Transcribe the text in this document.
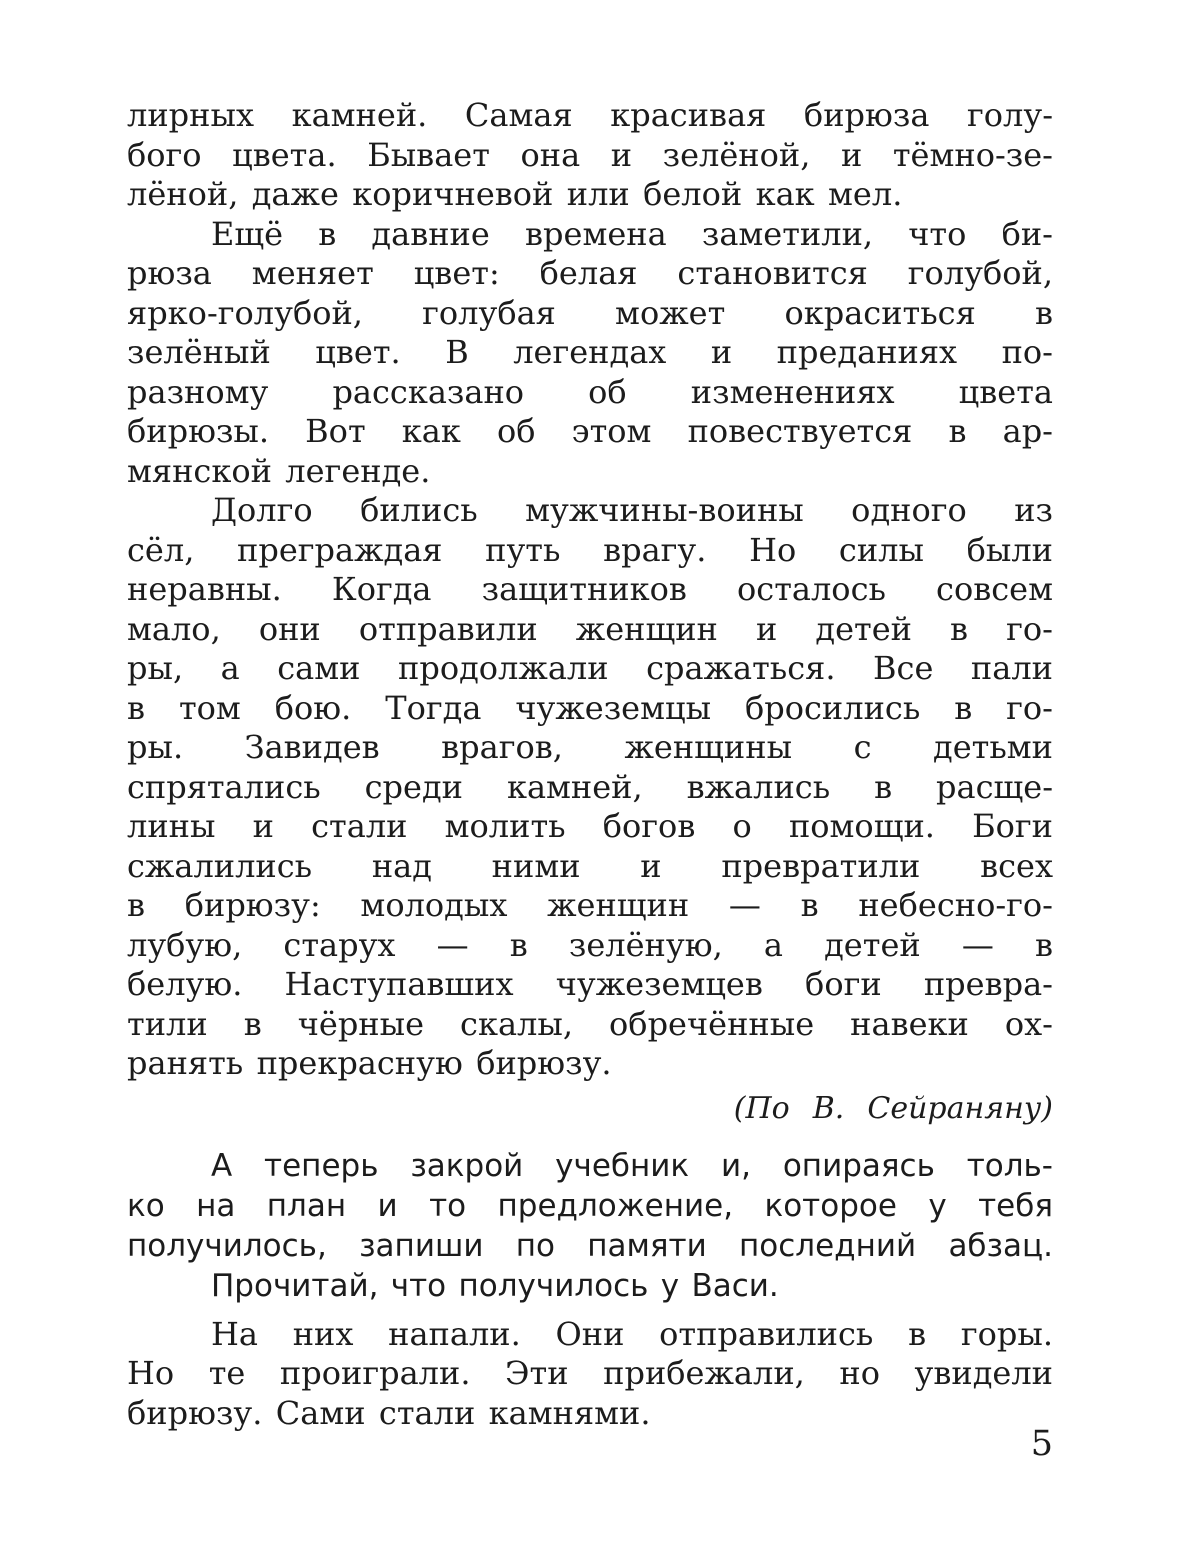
лирных камней. Самая красивая бирюза голу-
бого цвета. Бывает она и зелёной, и тёмно-зе-
лёной, даже коричневой или белой как мел.
Ещё в давние времена заметили, что би-
рюза меняет цвет: белая становится голубой,
ярко-голубой, голубая может окраситься в
зелёный цвет. В легендах и преданиях по-
разному рассказано об изменениях цвета
бирюзы. Вот как об этом повествуется в ар-
мянской легенде.
Долго бились мужчины-воины одного из
сёл, преграждая путь врагу. Но силы были
неравны. Когда защитников осталось совсем
мало, они отправили женщин и детей в го-
ры, а сами продолжали сражаться. Все пали
в том бою. Тогда чужеземцы бросились в го-
ры. Завидев врагов, женщины с детьми
спрятались среди камней, вжались в расще-
лины и стали молить богов о помощи. Боги
сжалились над ними и превратили всех
в бирюзу: молодых женщин — в небесно-го-
лубую, старух — в зелёную, а детей — в
белую. Наступавших чужеземцев боги превра-
тили в чёрные скалы, обречённые навеки ох-
ранять прекрасную бирюзу.
(По В. Сейраняну)
А теперь закрой учебник и, опираясь толь-
ко на план и то предложение, которое у тебя
получилось, запиши по памяти последний абзац.
Прочитай, что получилось у Васи.
На них напали. Они отправились в горы.
Но те проиграли. Эти прибежали, но увидели
бирюзу. Сами стали камнями.
5
